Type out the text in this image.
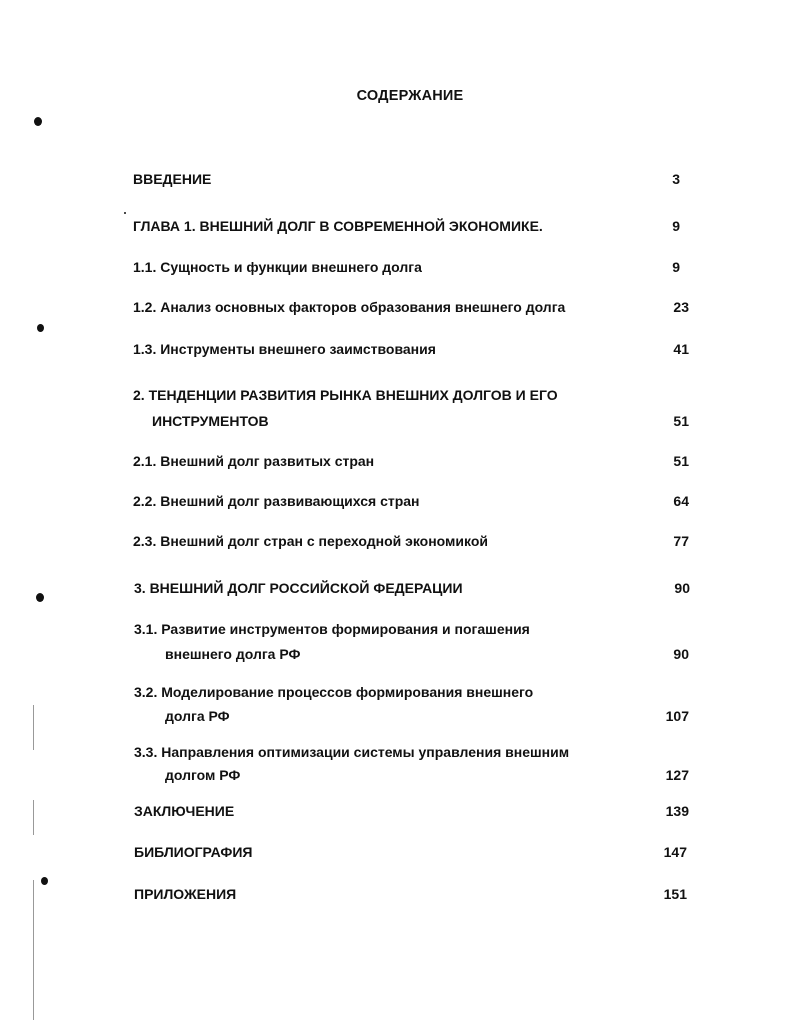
СОДЕРЖАНИЕ
ВВЕДЕНИЕ	3
ГЛАВА 1. ВНЕШНИЙ ДОЛГ В СОВРЕМЕННОЙ ЭКОНОМИКЕ.	9
1.1. Сущность и функции внешнего долга	9
1.2. Анализ основных факторов образования внешнего долга	23
1.3. Инструменты внешнего заимствования	41
2. ТЕНДЕНЦИИ РАЗВИТИЯ РЫНКА ВНЕШНИХ ДОЛГОВ И ЕГО
ИНСТРУМЕНТОВ	51
2.1. Внешний долг развитых стран	51
2.2. Внешний долг развивающихся стран	64
2.3. Внешний долг стран с переходной экономикой	77
3. ВНЕШНИЙ ДОЛГ РОССИЙСКОЙ ФЕДЕРАЦИИ	90
3.1. Развитие инструментов формирования и погашения
внешнего долга РФ	90
3.2. Моделирование процессов формирования внешнего
долга РФ	107
3.3. Направления оптимизации системы управления внешним
долгом РФ	127
ЗАКЛЮЧЕНИЕ	139
БИБЛИОГРАФИЯ	147
ПРИЛОЖЕНИЯ	151
